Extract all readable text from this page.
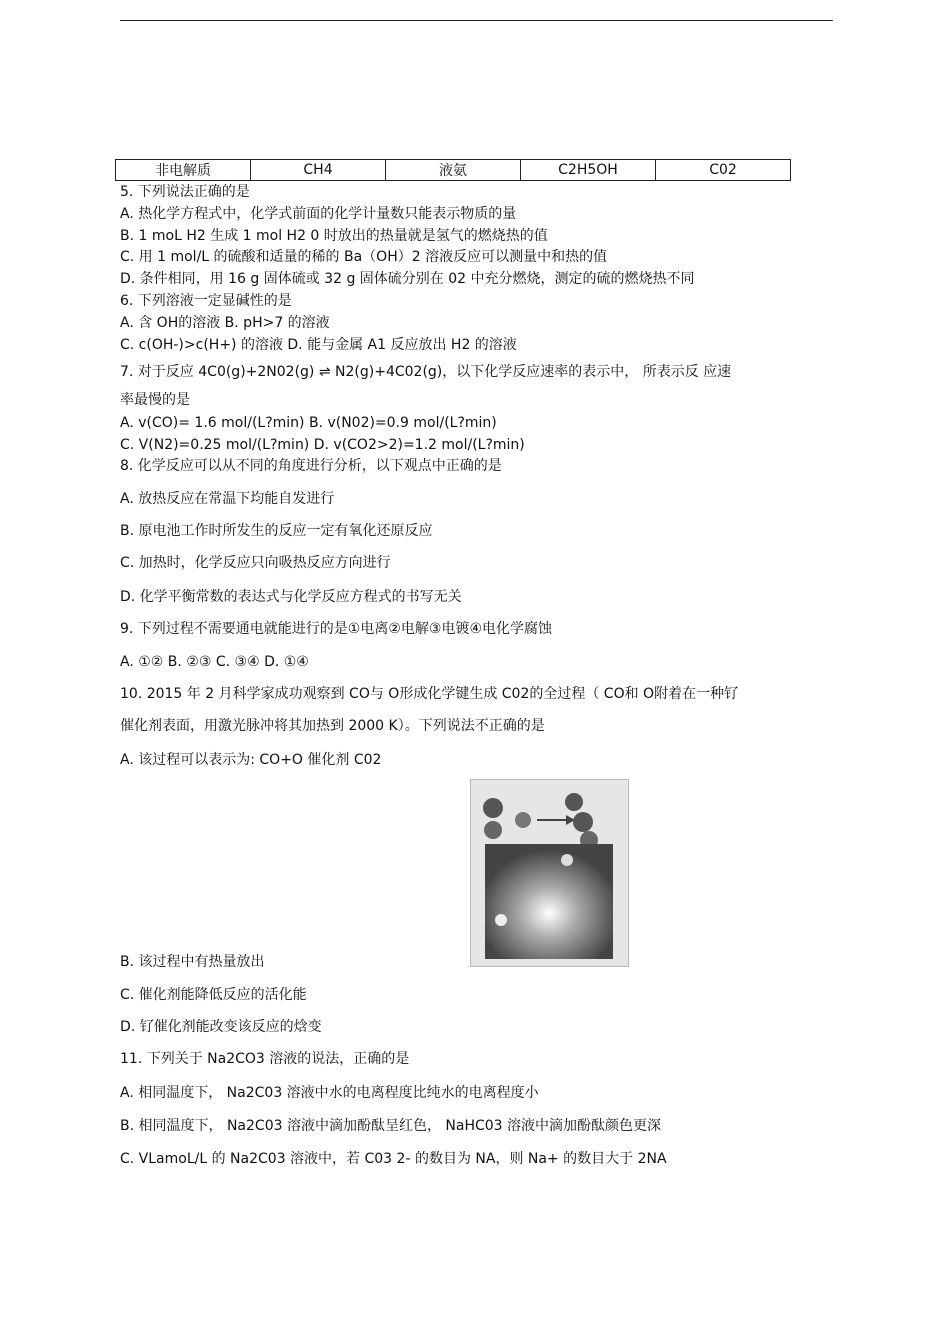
非电解质	CH4	液氨	C2H5OH	C02
5. 下列说法正确的是
A. 热化学方程式中，化学式前面的化学计量数只能表示物质的量
B. 1 moL H2 生成 1 mol H2 0 时放出的热量就是氢气的燃烧热的值
C. 用 1 mol/L 的硫酸和适量的稀的 Ba（OH）2 溶液反应可以测量中和热的值
D. 条件相同，用 16 g 固体硫或 32 g 固体硫分别在 02 中充分燃烧，测定的硫的燃烧热不同
6. 下列溶液一定显碱性的是
A. 含 OH的溶液 B. pH>7 的溶液
C. c(OH-)>c(H+) 的溶液 D. 能与金属 A1 反应放出 H2 的溶液
7. 对于反应 4C0(g)+2N02(g) ⇌ N2(g)+4C02(g)，以下化学反应速率的表示中， 所表示反 应速
率最慢的是
A. v(CO)= 1.6 mol/(L?min) B. v(N02)=0.9 mol/(L?min)
C. V(N2)=0.25 mol/(L?min) D. v(CO2>2)=1.2 mol/(L?min)
8. 化学反应可以从不同的角度进行分析，以下观点中正确的是
A. 放热反应在常温下均能自发进行
B. 原电池工作时所发生的反应一定有氧化还原反应
C. 加热时，化学反应只向吸热反应方向进行
D. 化学平衡常数的表达式与化学反应方程式的书写无关
9. 下列过程不需要通电就能进行的是①电离②电解③电镀④电化学腐蚀
A. ①② B. ②③ C. ③④ D. ①④
10. 2015 年 2 月科学家成功观察到 CO与 O形成化学键生成 C02的全过程（ CO和 O附着在一种钌
催化剂表面，用激光脉冲将其加热到 2000 K）。下列说法不正确的是
A. 该过程可以表示为: CO+O 催化剂 C02
B. 该过程中有热量放出
C. 催化剂能降低反应的活化能
D. 钌催化剂能改变该反应的焓变
11. 下列关于 Na2CO3 溶液的说法，正确的是
A. 相同温度下， Na2C03 溶液中水的电离程度比纯水的电离程度小
B. 相同温度下， Na2C03 溶液中滴加酚酞呈红色， NaHC03 溶液中滴加酚酞颜色更深
C. VLamoL/L 的 Na2C03 溶液中，若 C03 2- 的数目为 NA，则 Na+ 的数目大于 2NA
